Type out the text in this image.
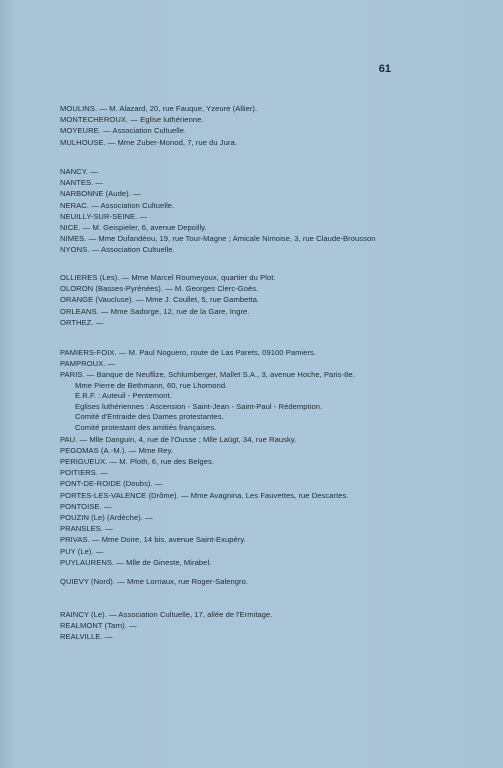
61
MOULINS. — M. Alazard, 20, rue Fauque, Yzeure (Allier).
MONTECHEROUX. — Eglise luthérienne.
MOYEURE. — Association Cultuelle.
MULHOUSE. — Mme Zuber-Monod, 7, rue du Jura.
NANCY. —
NANTES. —
NARBONNE (Aude). —
NERAC. — Association Cultuelle.
NEUILLY-SUR-SEINE. —
NICE. — M. Geispieler, 6, avenue Depoilly.
NIMES. — Mme Dufandèou, 19, rue Tour-Magne ; Amicale Nimoise, 3, rue Claude-Brousson
NYONS. — Association Cultuelle.
OLLIERES (Les). — Mme Marcel Roumeyoux, quartier du Plot.
OLORON (Basses-Pyrénées). — M. Georges Clerc-Goës.
ORANGE (Vaucluse). — Mme J. Coullet, 5, rue Gambetta.
ORLEANS. — Mme Sadorge, 12, rue de la Gare, Ingre.
ORTHEZ. —
PAMIERS-FOIX. — M. Paul Noguero, route de Las Parets, 09100 Pamiers.
PAMPROUX. —
PARIS. — Banque de Neuflize, Schlumberger, Mallet S.A., 3, avenue Hoche, Paris-8e.
Mme Pierre de Bethmann, 60, rue Lhomond.
E.R.F. : Auteuil - Pentemont.
Eglises luthériennes : Ascension - Saint-Jean - Saint-Paul - Rédemption.
Comité d'Entraide des Dames protestantes.
Comité protestant des amitiés françaises.
PAU. — Mlle Danguin, 4, rue de l'Ousse ; Mlle Laügt, 34, rue Rausky.
PEGOMAS (A.-M.). — Mme Rey.
PERIGUEUX. — M. Ploth, 6, rue des Belges.
POITIERS. —
PONT-DE-ROIDE (Doubs). —
PORTES-LES-VALENCE (Drôme). — Mme Avagnina, Les Fauvettes, rue Descartes.
PONTOISE. —
POUZIN (Le) (Ardèche). —
PRANSLES. —
PRIVAS. — Mme Doire, 14 bis, avenue Saint-Exupéry.
PUY (Le). —
PUYLAURENS. — Mlle de Gineste, Mirabel.
QUIEVY (Nord). — Mme Lorriaux, rue Roger-Salengro.
RAINCY (Le). — Association Cultuelle, 17, allée de l'Ermitage.
REALMONT (Tarn). —
REALVILLE. —
